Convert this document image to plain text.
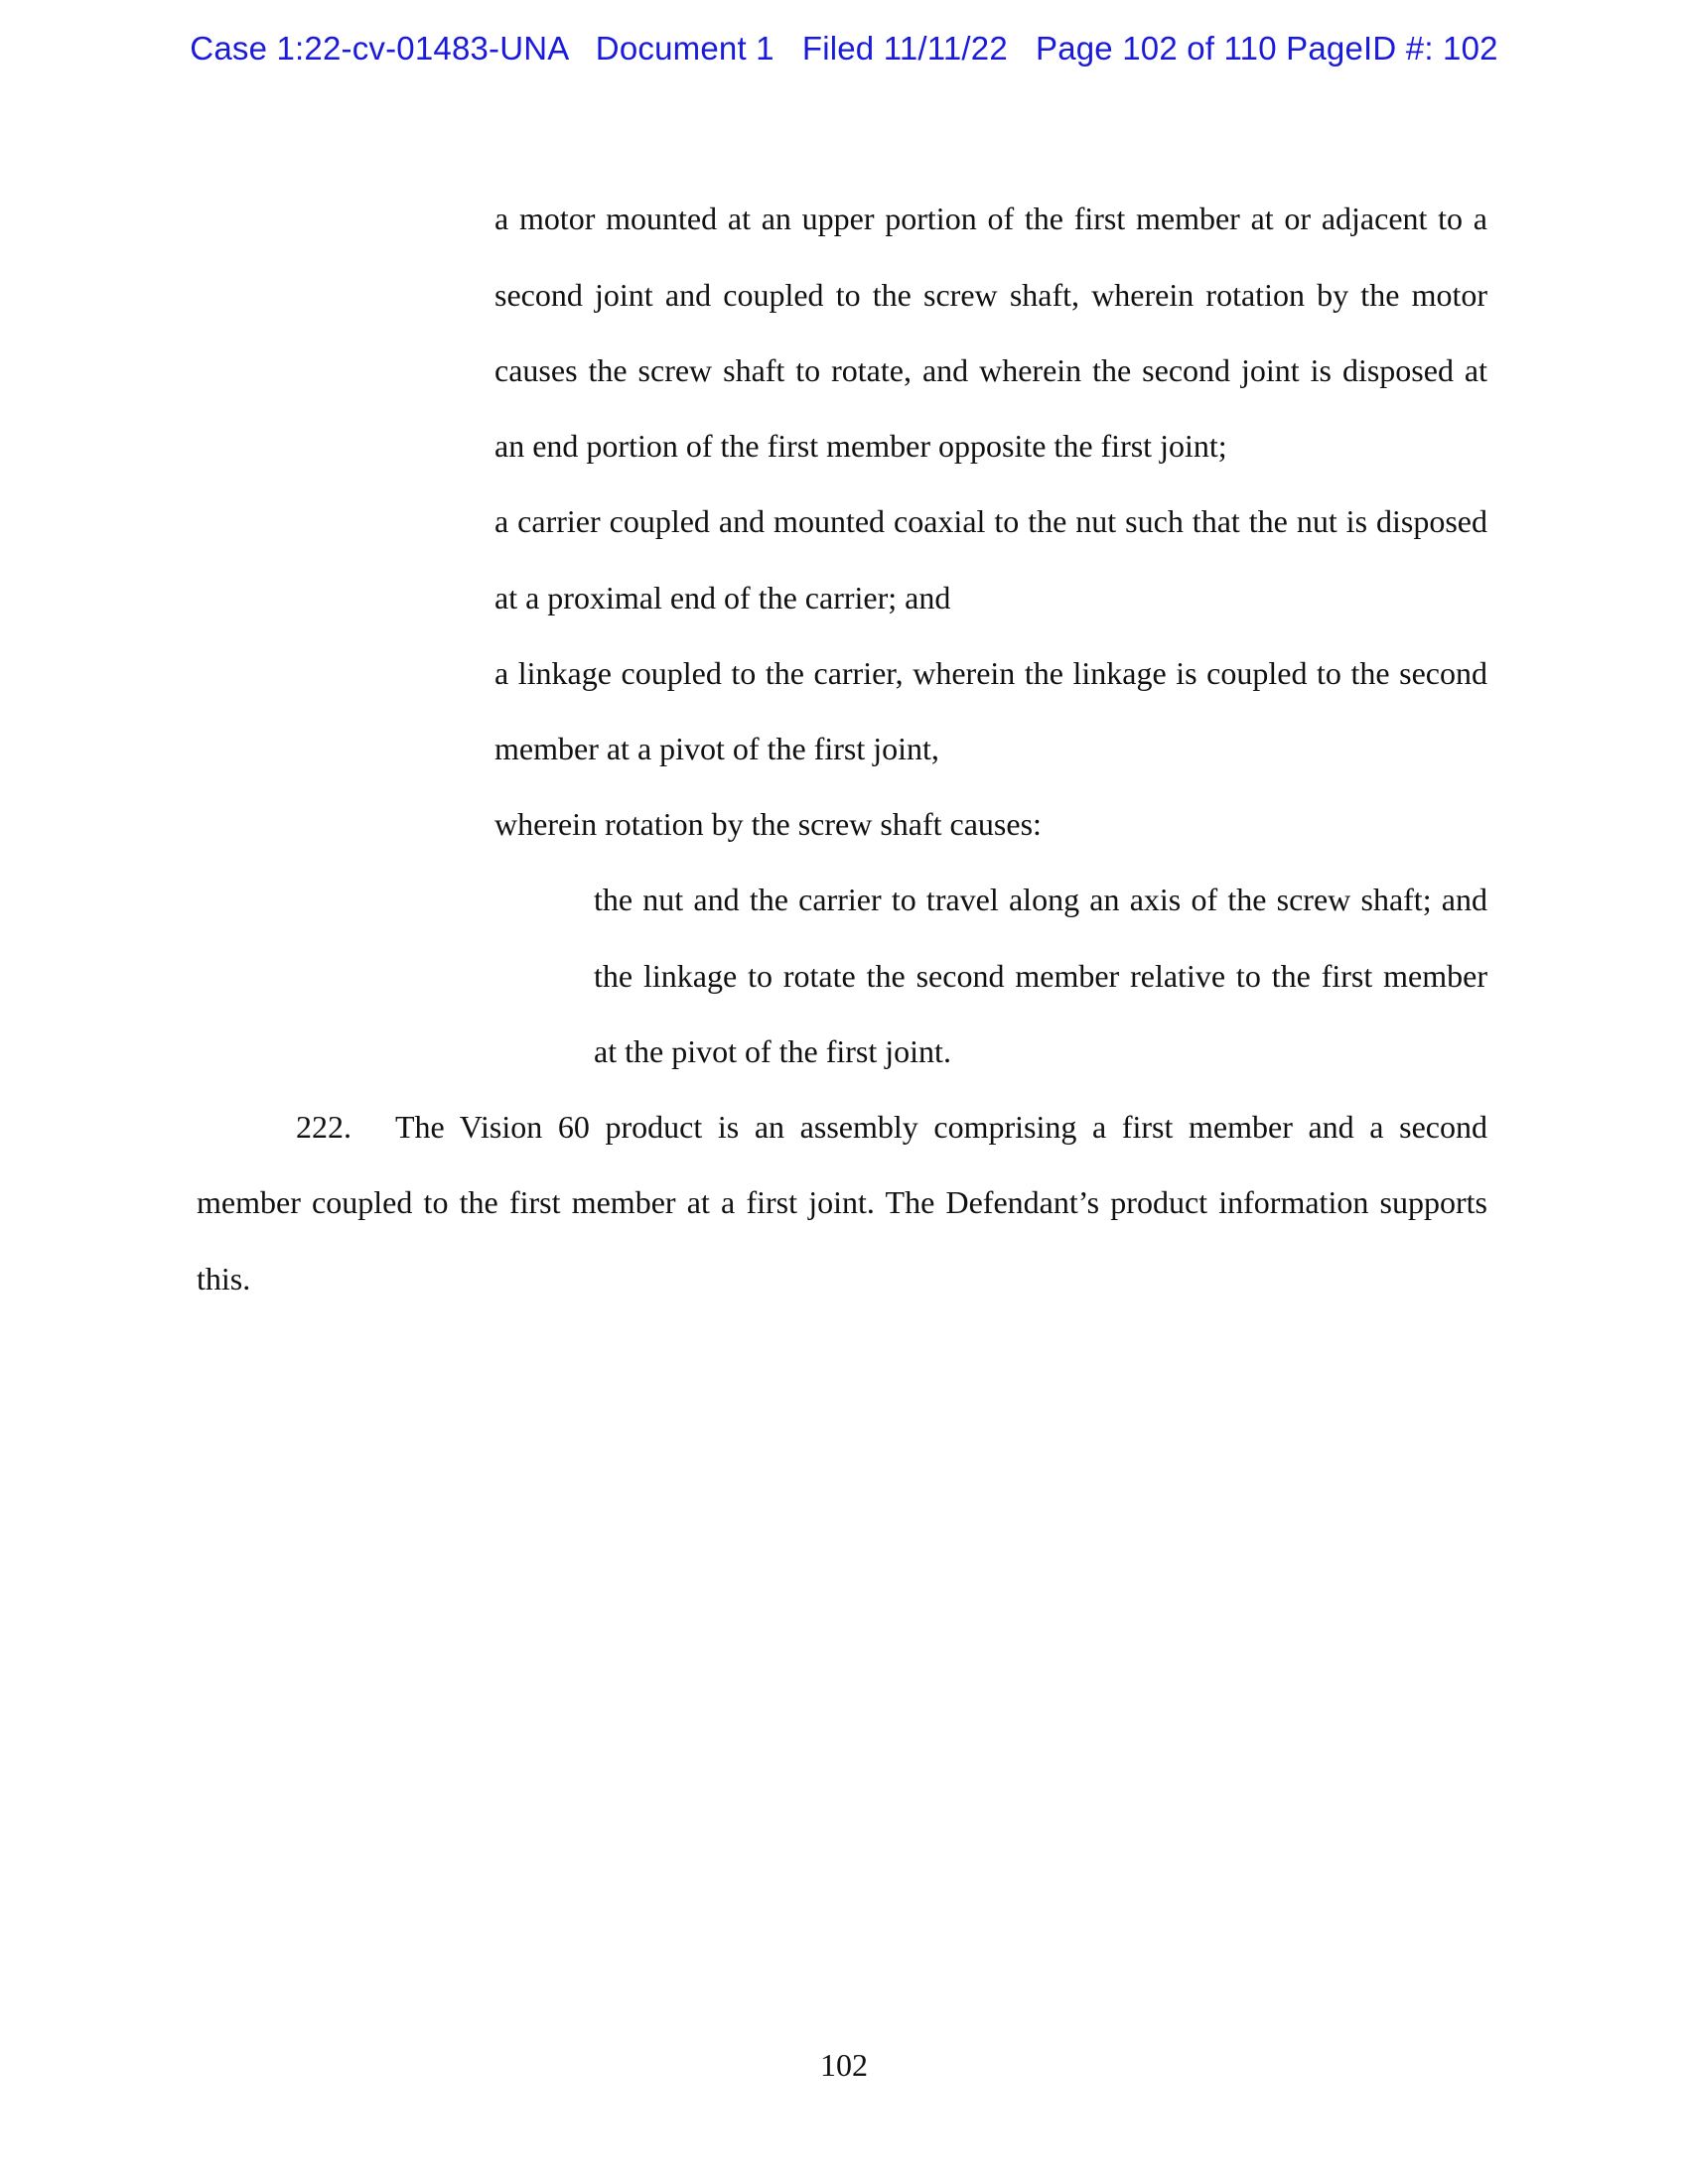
Case 1:22-cv-01483-UNA   Document 1   Filed 11/11/22   Page 102 of 110 PageID #: 102
a motor mounted at an upper portion of the first member at or adjacent to a
second joint and coupled to the screw shaft, wherein rotation by the motor
causes the screw shaft to rotate, and wherein the second joint is disposed at
an end portion of the first member opposite the first joint;
a carrier coupled and mounted coaxial to the nut such that the nut is disposed
at a proximal end of the carrier; and
a linkage coupled to the carrier, wherein the linkage is coupled to the second
member at a pivot of the first joint,
wherein rotation by the screw shaft causes:
the nut and the carrier to travel along an axis of the screw shaft; and
the linkage to rotate the second member relative to the first member
at the pivot of the first joint.
222. The Vision 60 product is an assembly comprising a first member and a second
member coupled to the first member at a first joint. The Defendant’s product information supports
this.
102
